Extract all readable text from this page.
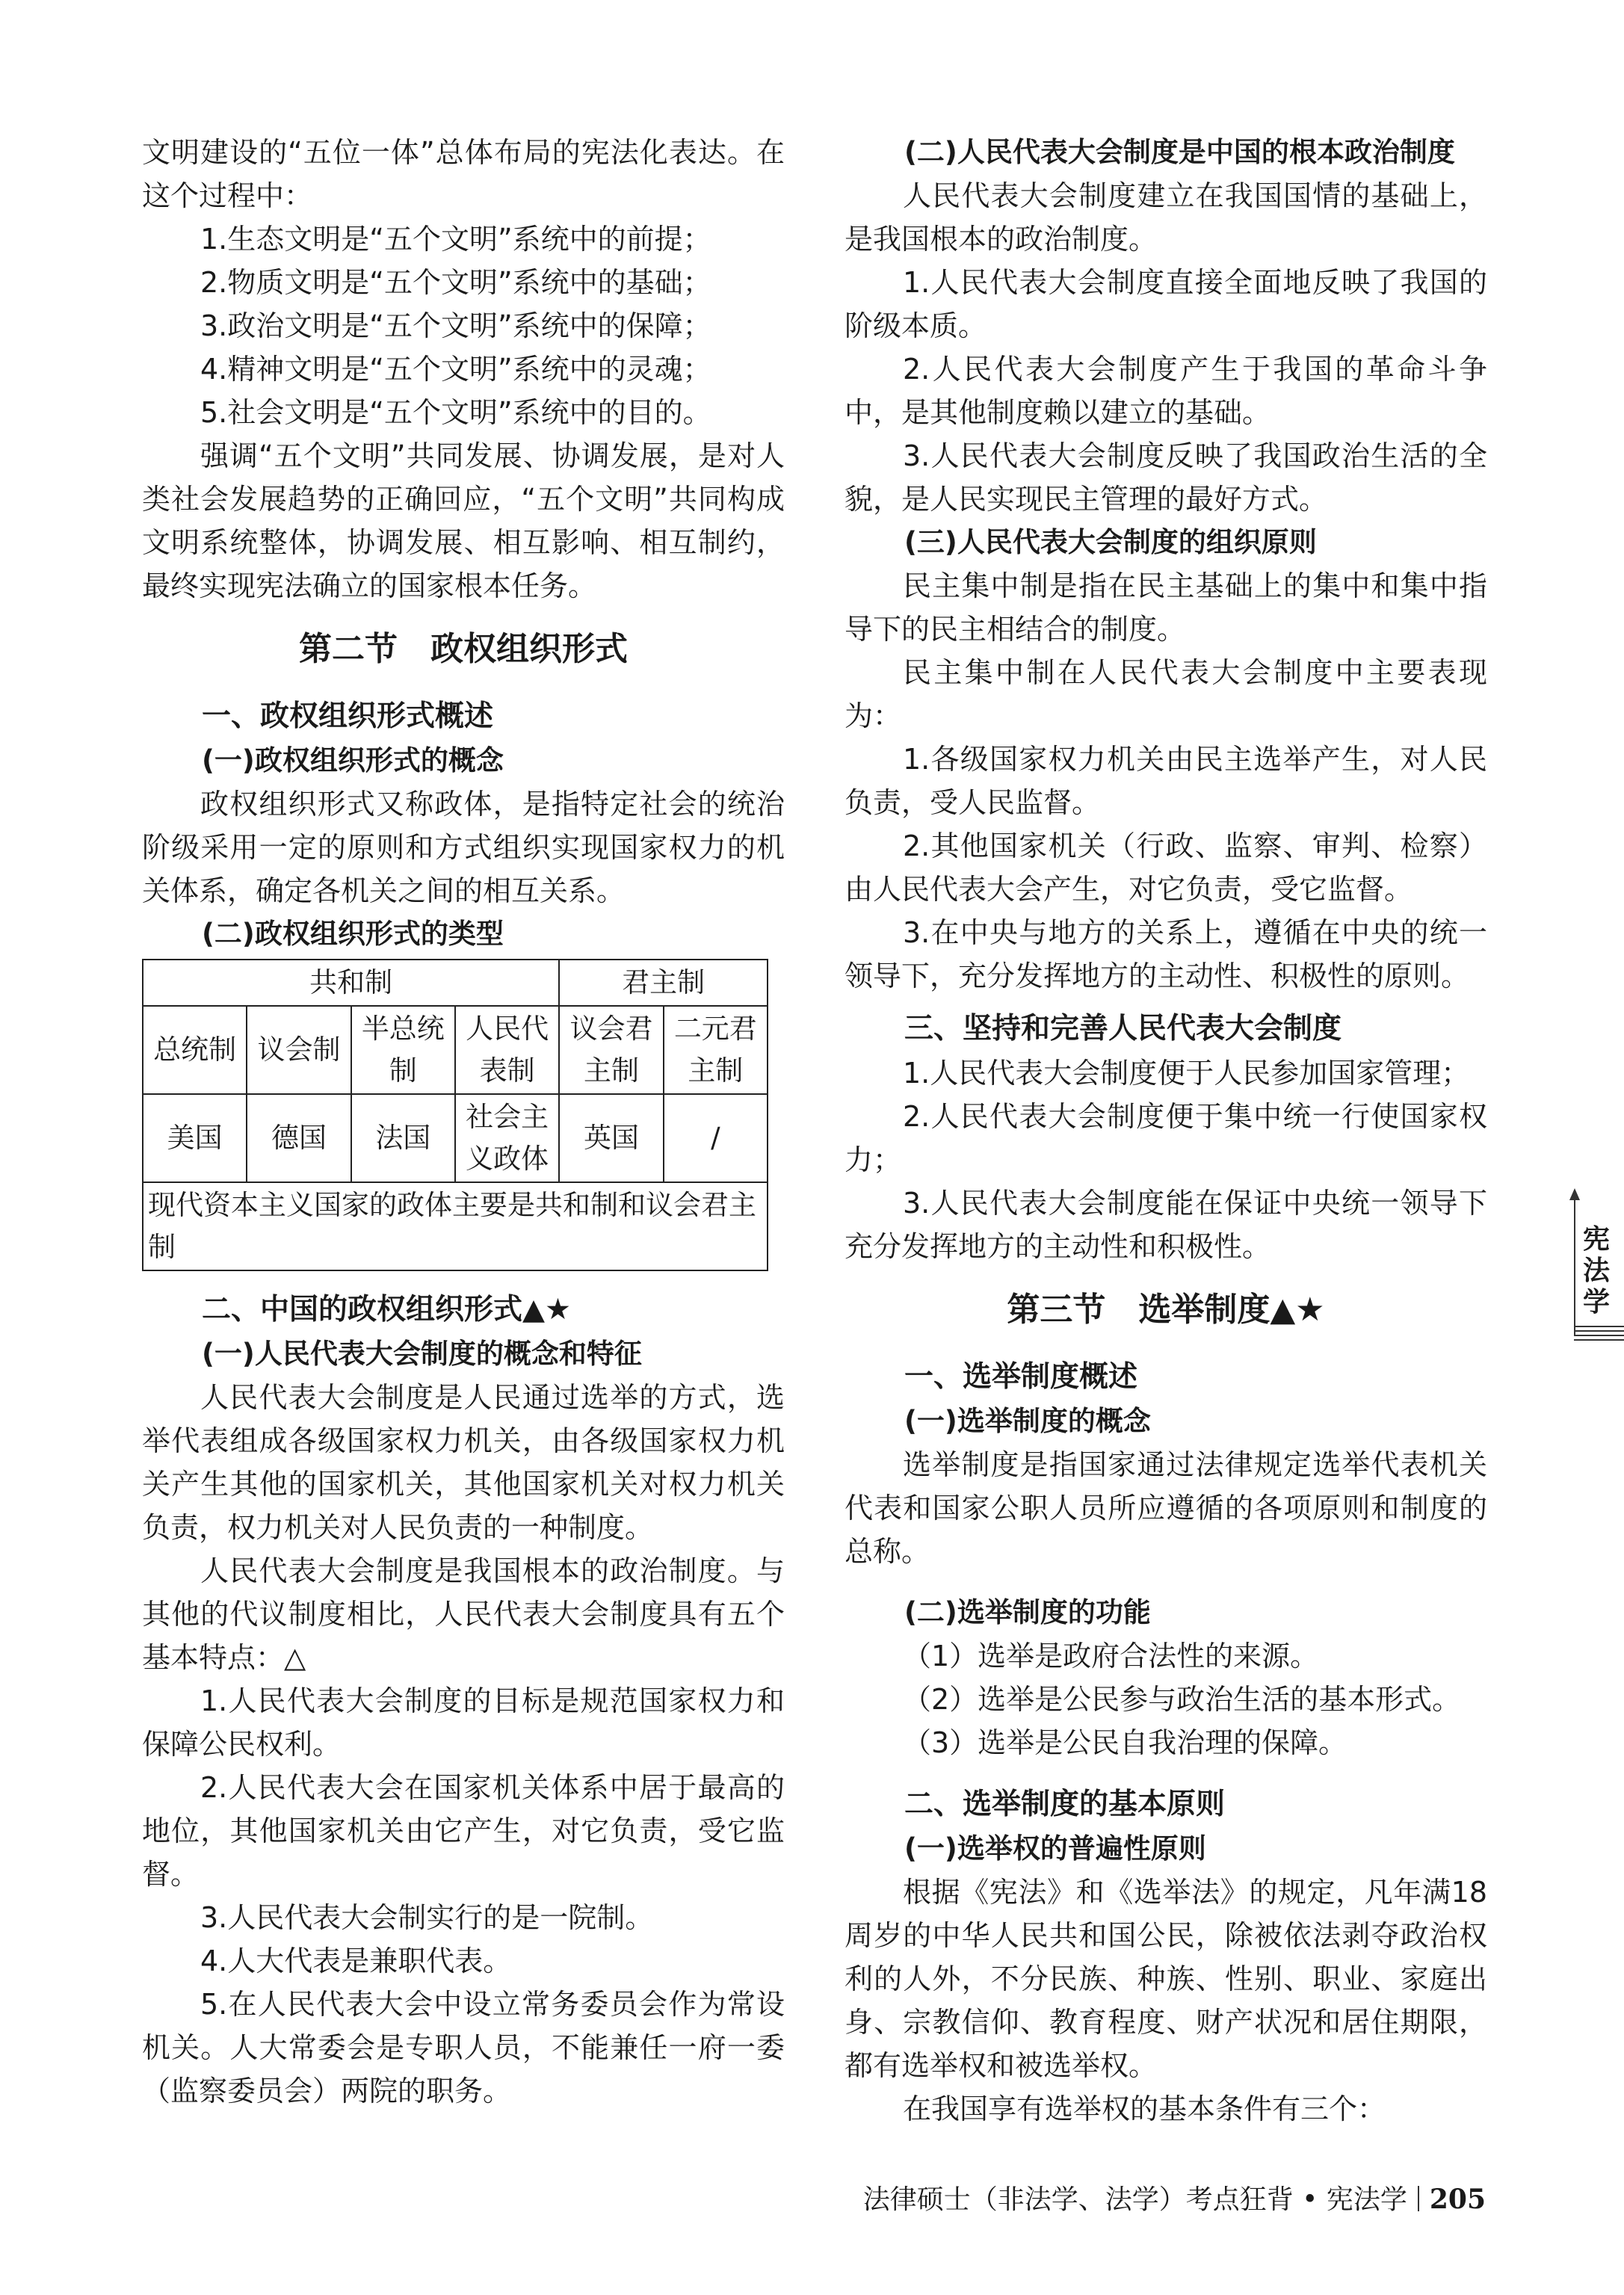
文明建设的“五位一体”总体布局的宪法化表达。在这个过程中：

1.生态文明是“五个文明”系统中的前提；

2.物质文明是“五个文明”系统中的基础；

3.政治文明是“五个文明”系统中的保障；

4.精神文明是“五个文明”系统中的灵魂；

5.社会文明是“五个文明”系统中的目的。

强调“五个文明”共同发展、协调发展，是对人类社会发展趋势的正确回应，“五个文明”共同构成文明系统整体，协调发展、相互影响、相互制约，最终实现宪法确立的国家根本任务。

第二节　政权组织形式
一、政权组织形式概述
(一)政权组织形式的概念

政权组织形式又称政体，是指特定社会的统治阶级采用一定的原则和方式组织实现国家权力的机关体系，确定各机关之间的相互关系。

(二)政权组织形式的类型
共和制				君主制	
总统制	议会制	半总统制	人民代表制	议会君主制	二元君主制
美国	德国	法国	社会主义政体	英国	/
现代资本主义国家的政体主要是共和制和议会君主制					
二、中国的政权组织形式▲★
(一)人民代表大会制度的概念和特征

人民代表大会制度是人民通过选举的方式，选举代表组成各级国家权力机关，由各级国家权力机关产生其他的国家机关，其他国家机关对权力机关负责，权力机关对人民负责的一种制度。

人民代表大会制度是我国根本的政治制度。与其他的代议制度相比，人民代表大会制度具有五个基本特点：△

1.人民代表大会制度的目标是规范国家权力和保障公民权利。

2.人民代表大会在国家机关体系中居于最高的地位，其他国家机关由它产生，对它负责，受它监督。

3.人民代表大会制实行的是一院制。

4.人大代表是兼职代表。

5.在人民代表大会中设立常务委员会作为常设机关。人大常委会是专职人员，不能兼任一府一委（监察委员会）两院的职务。

(二)人民代表大会制度是中国的根本政治制度

人民代表大会制度建立在我国国情的基础上，是我国根本的政治制度。

1.人民代表大会制度直接全面地反映了我国的阶级本质。

2.人民代表大会制度产生于我国的革命斗争中，是其他制度赖以建立的基础。

3.人民代表大会制度反映了我国政治生活的全貌，是人民实现民主管理的最好方式。

(三)人民代表大会制度的组织原则

民主集中制是指在民主基础上的集中和集中指导下的民主相结合的制度。

民主集中制在人民代表大会制度中主要表现为：

1.各级国家权力机关由民主选举产生，对人民负责，受人民监督。

2.其他国家机关（行政、监察、审判、检察）由人民代表大会产生，对它负责，受它监督。

3.在中央与地方的关系上，遵循在中央的统一领导下，充分发挥地方的主动性、积极性的原则。

三、坚持和完善人民代表大会制度

1.人民代表大会制度便于人民参加国家管理；

2.人民代表大会制度便于集中统一行使国家权力；

3.人民代表大会制度能在保证中央统一领导下充分发挥地方的主动性和积极性。

第三节　选举制度▲★
一、选举制度概述
(一)选举制度的概念

选举制度是指国家通过法律规定选举代表机关代表和国家公职人员所应遵循的各项原则和制度的总称。

(二)选举制度的功能

（1）选举是政府合法性的来源。

（2）选举是公民参与政治生活的基本形式。

（3）选举是公民自我治理的保障。

二、选举制度的基本原则
(一)选举权的普遍性原则

根据《宪法》和《选举法》的规定，凡年满18周岁的中华人民共和国公民，除被依法剥夺政治权利的人外，不分民族、种族、性别、职业、家庭出身、宗教信仰、教育程度、财产状况和居住期限，都有选举权和被选举权。

在我国享有选举权的基本条件有三个：

宪法学
法律硕士（非法学、法学）考点狂背 • 宪法学 205
